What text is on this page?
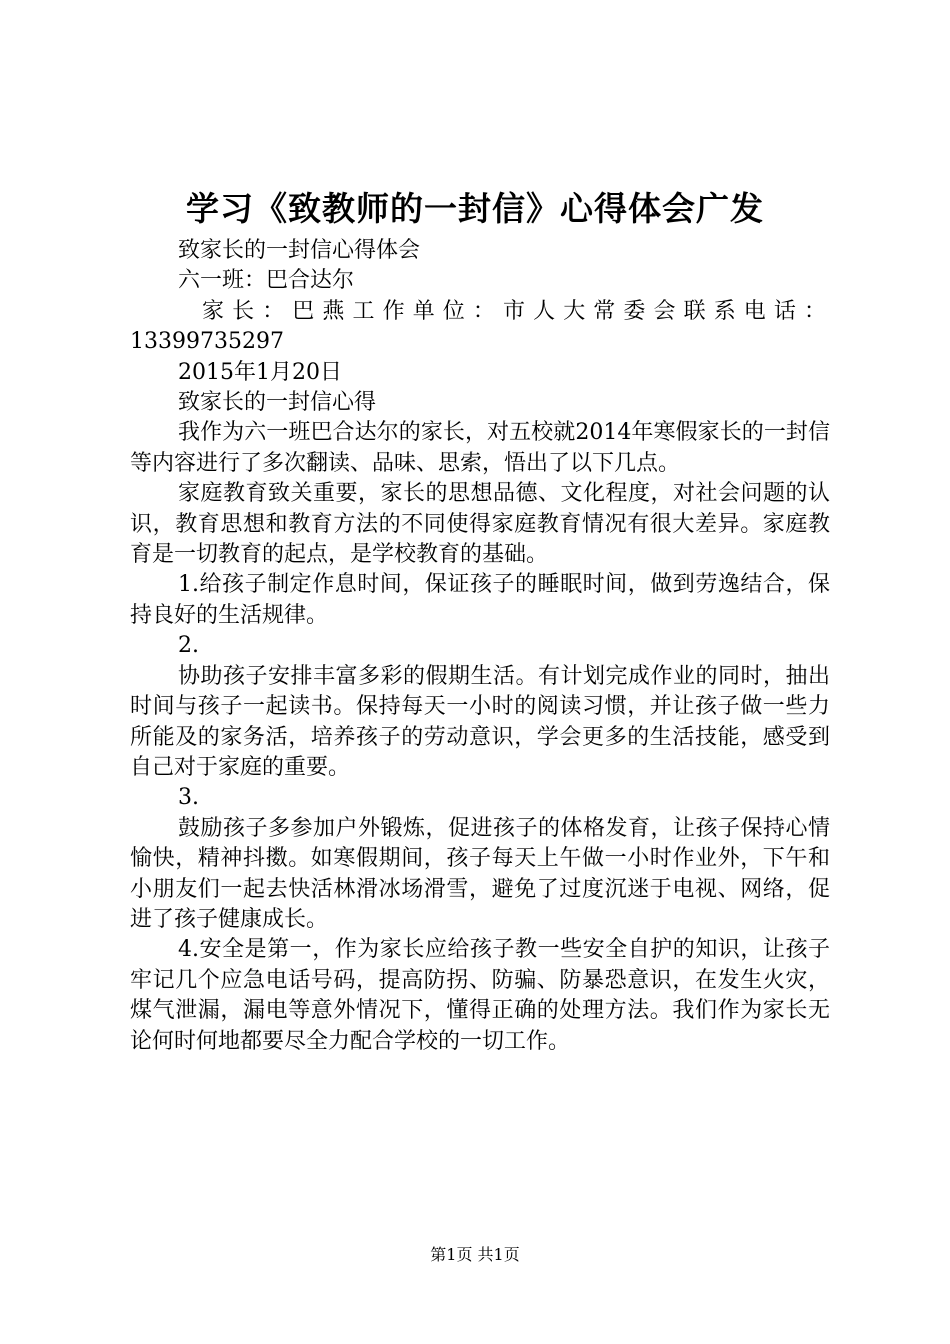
学习《致教师的一封信》心得体会广发

致家长的一封信心得体会

六一班：巴合达尔

家长：巴燕工作单位：市人大常委会联系电话：

13399735297

2015年1月20日

致家长的一封信心得

我作为六一班巴合达尔的家长，对五校就2014年寒假家长的一封信等内容进行了多次翻读、品味、思索，悟出了以下几点。

家庭教育致关重要，家长的思想品德、文化程度，对社会问题的认识，教育思想和教育方法的不同使得家庭教育情况有很大差异。家庭教育是一切教育的起点，是学校教育的基础。

1.给孩子制定作息时间，保证孩子的睡眠时间，做到劳逸结合，保持良好的生活规律。

2.

协助孩子安排丰富多彩的假期生活。有计划完成作业的同时，抽出时间与孩子一起读书。保持每天一小时的阅读习惯，并让孩子做一些力所能及的家务活，培养孩子的劳动意识，学会更多的生活技能，感受到自己对于家庭的重要。

3.

鼓励孩子多参加户外锻炼，促进孩子的体格发育，让孩子保持心情愉快，精神抖擞。如寒假期间，孩子每天上午做一小时作业外，下午和小朋友们一起去快活林滑冰场滑雪，避免了过度沉迷于电视、网络，促进了孩子健康成长。

4.安全是第一，作为家长应给孩子教一些安全自护的知识，让孩子牢记几个应急电话号码，提高防拐、防骗、防暴恐意识，在发生火灾，煤气泄漏，漏电等意外情况下，懂得正确的处理方法。我们作为家长无论何时何地都要尽全力配合学校的一切工作。

第1页 共1页
